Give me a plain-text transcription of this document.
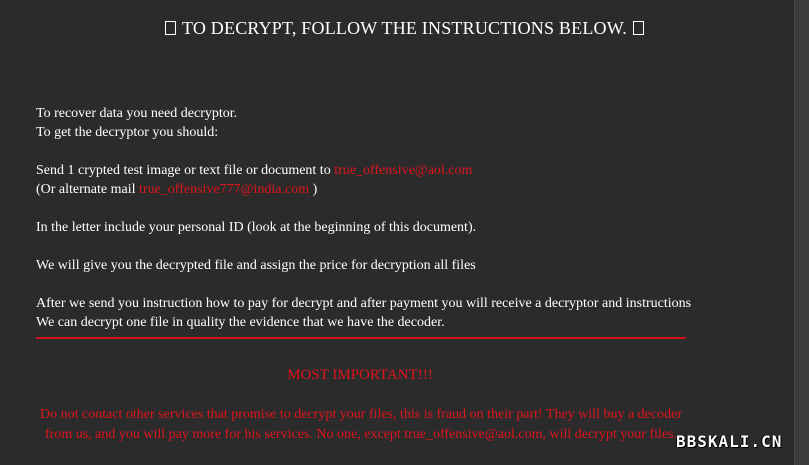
TO DECRYPT, FOLLOW THE INSTRUCTIONS BELOW.

To recover data you need decryptor.

To get the decryptor you should:

Send 1 crypted test image or text file or document to true_offensive@aol.com

(Or alternate mail true_offensive777@india.com )

In the letter include your personal ID (look at the beginning of this document).

We will give you the decrypted file and assign the price for decryption all files

After we send you instruction how to pay for decrypt and after payment you will receive a decryptor and instructions We can decrypt one file in quality the evidence that we have the decoder.

MOST IMPORTANT!!!
Do not contact other services that promise to decrypt your files, this is fraud on their part! They will buy a decoder from us, and you will pay more for his services. No one, except true_offensive@aol.com, will decrypt your files. BBSKALI.CN
